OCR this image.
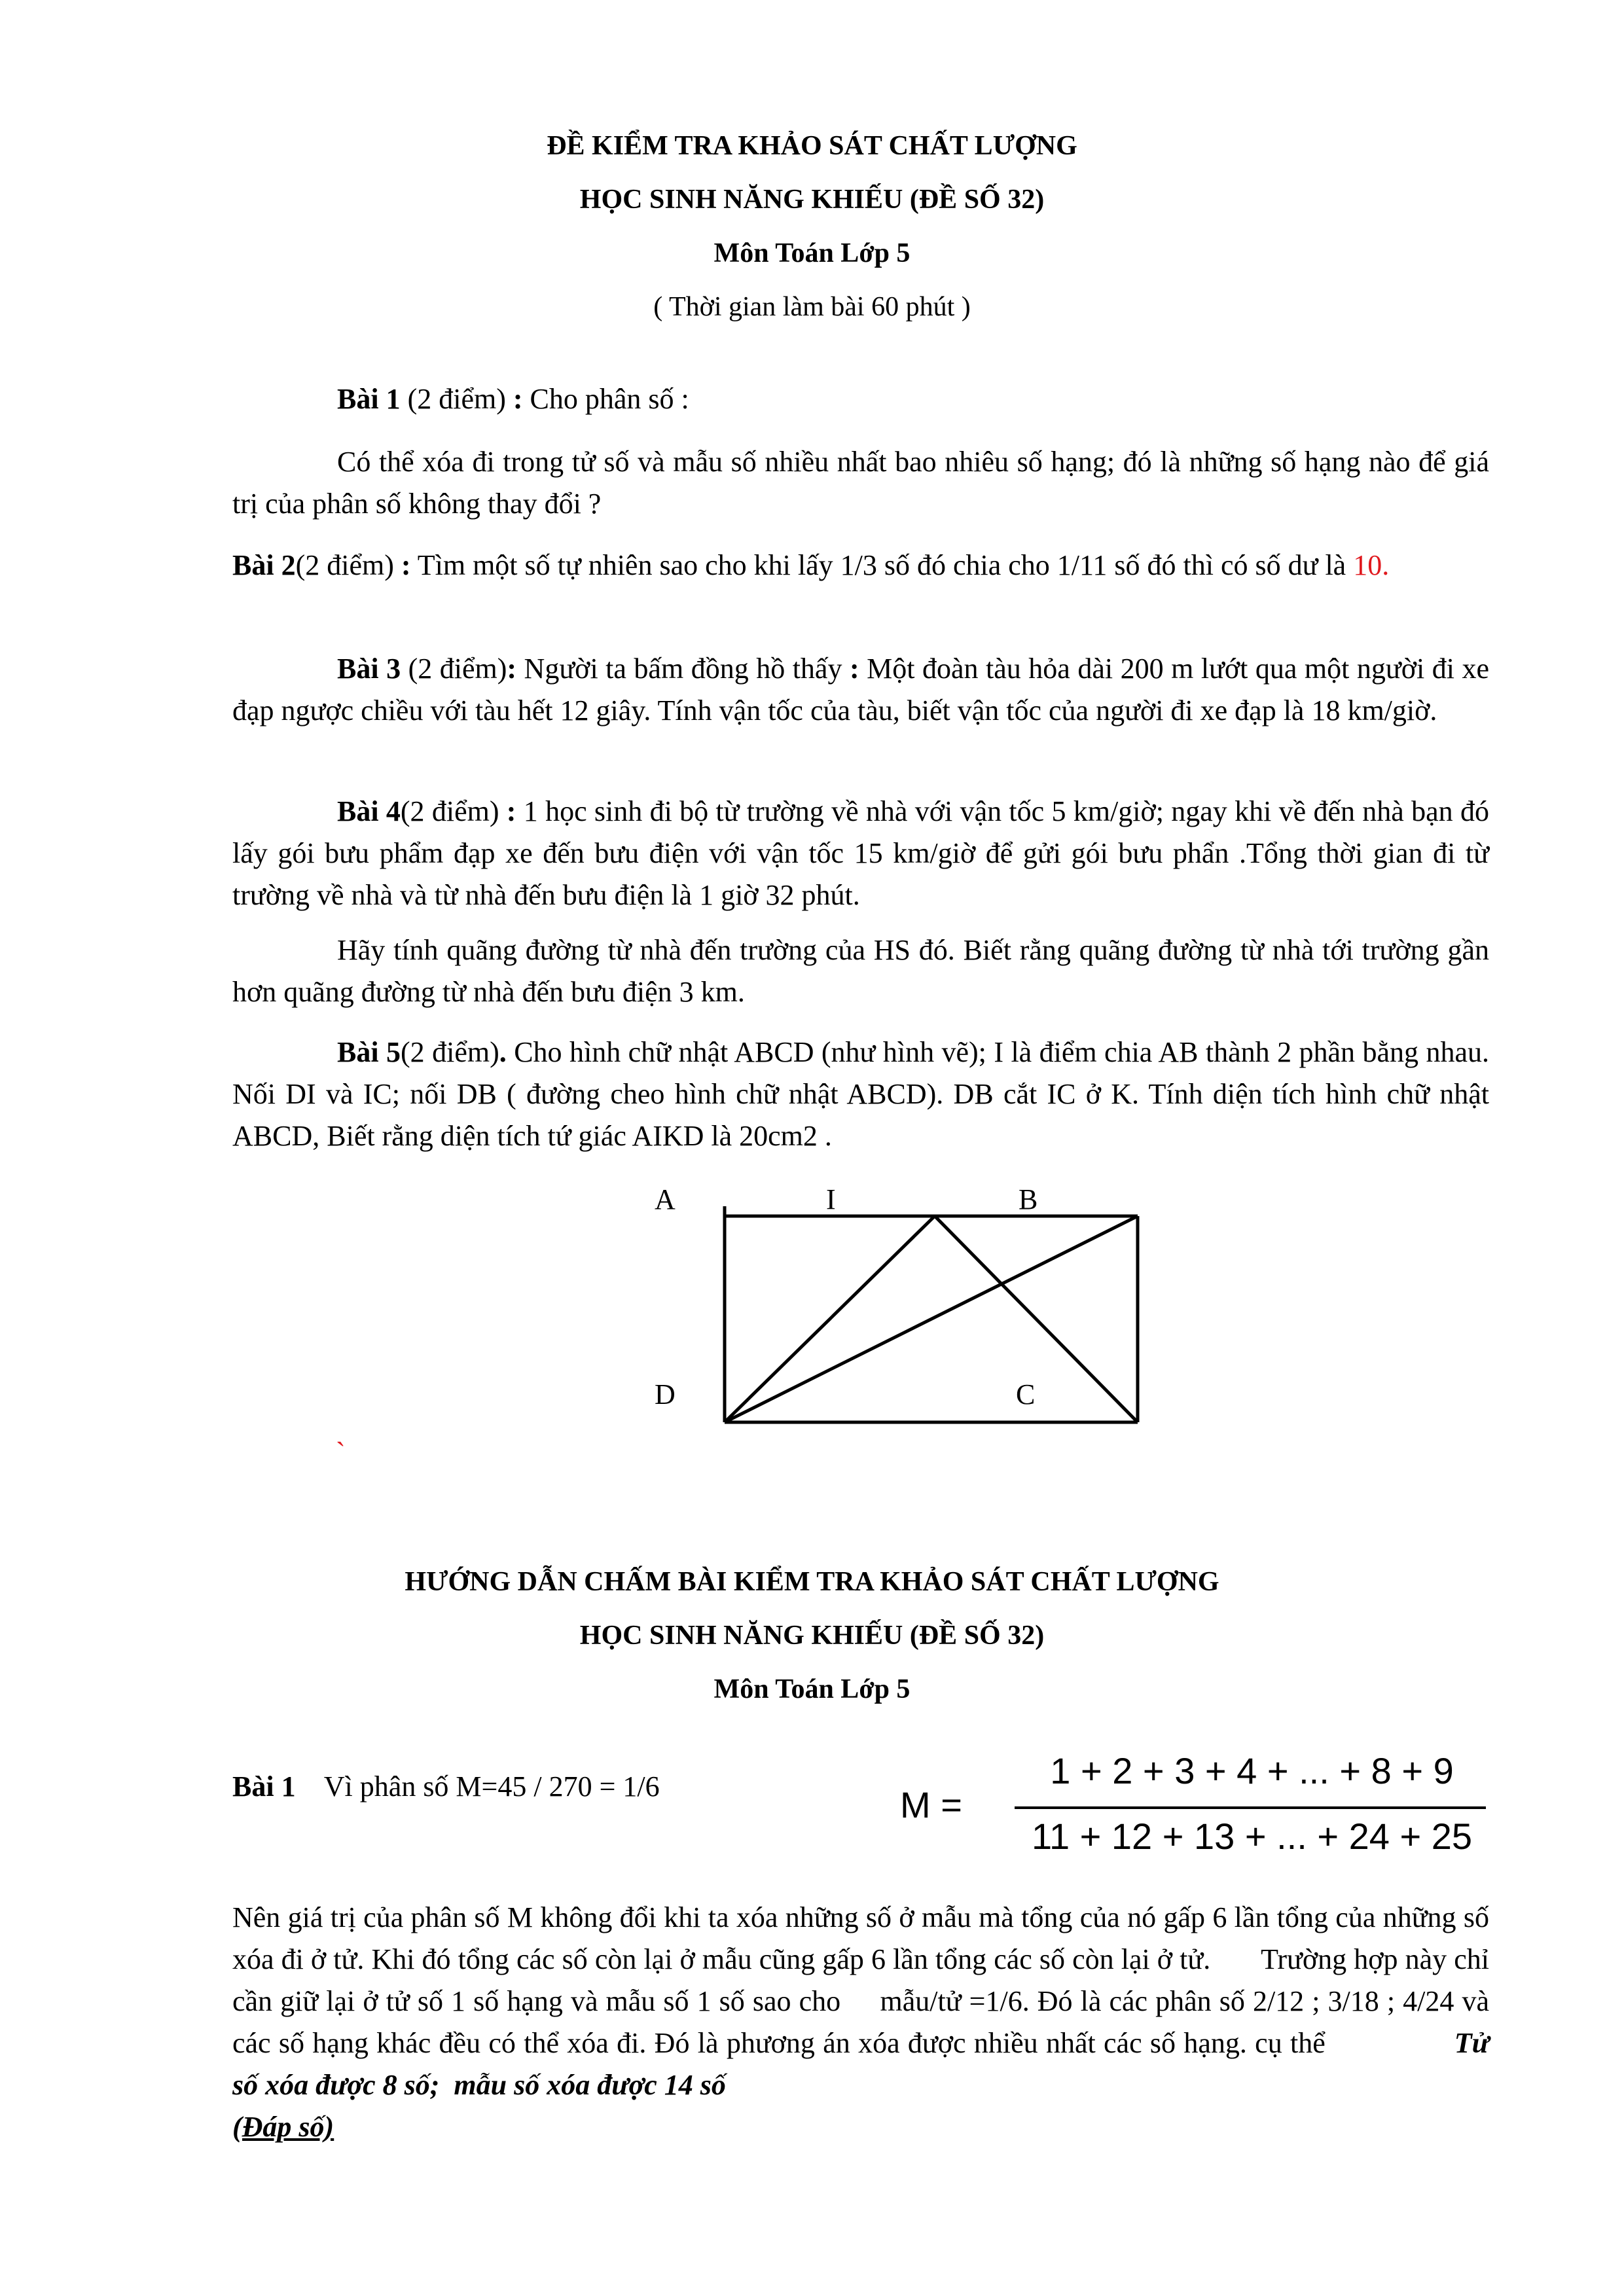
ĐỀ KIỂM TRA KHẢO SÁT CHẤT LƯỢNG
HỌC SINH NĂNG KHIẾU (ĐỀ SỐ 32)
Môn Toán Lớp 5
( Thời gian làm bài 60 phút )
Bài 1 (2 điểm) : Cho phân số :
Có thể xóa đi trong tử số và mẫu số nhiều nhất bao nhiêu số hạng; đó là những số hạng nào để giá trị của phân số không thay đổi ?
Bài 2(2 điểm) : Tìm một số tự nhiên sao cho khi lấy 1/3 số đó chia cho 1/11 số đó thì có số dư là 10.
Bài 3 (2 điểm): Người ta bấm đồng hồ thấy : Một đoàn tàu hỏa dài 200 m lướt qua một người đi xe đạp ngược chiều với tàu hết 12 giây. Tính vận tốc của tàu, biết vận tốc của người đi xe đạp là 18 km/giờ.
Bài 4(2 điểm) : 1 học sinh đi bộ từ trường về nhà với vận tốc 5 km/giờ; ngay khi về đến nhà bạn đó lấy gói bưu phẩm đạp xe đến bưu điện với vận tốc 15 km/giờ để gửi gói bưu phẩn .Tổng thời gian đi từ trường về nhà và từ nhà đến bưu điện là 1 giờ 32 phút.
Hãy tính quãng đường từ nhà đến trường của HS đó. Biết rằng quãng đường từ nhà tới trường gần hơn quãng đường từ nhà đến bưu điện 3 km.
Bài 5(2 điểm). Cho hình chữ nhật ABCD (như hình vẽ); I là điểm chia AB thành 2 phần bằng nhau. Nối DI và IC; nối DB ( đường cheo hình chữ nhật ABCD). DB cắt IC ở K. Tính diện tích hình chữ nhật ABCD, Biết rằng diện tích tứ giác AIKD là 20cm2 .
A	I	B
D	C
`
HƯỚNG DẪN CHẤM BÀI KIỂM TRA KHẢO SÁT CHẤT LƯỢNG
HỌC SINH NĂNG KHIẾU (ĐỀ SỐ 32)
Môn Toán Lớp 5
Bài 1    Vì phân số M=45 / 270 = 1/6	M =
1 + 2 + 3 + 4 + ... + 8 + 9
11 + 12 + 13 + ... + 24 + 25
Nên giá trị của phân số M không đổi khi ta xóa những số ở mẫu mà tổng của nó gấp 6 lần tổng của những số xóa đi ở tử. Khi đó tổng các số còn lại ở mẫu cũng gấp 6 lần tổng các số còn lại ở tử.       Trường hợp này chỉ cần giữ lại ở tử số 1 số hạng và mẫu số 1 số sao cho     mẫu/tử =1/6. Đó là các phân số 2/12 ; 3/18 ; 4/24 và các số hạng khác đều có thể xóa đi. Đó là phương án xóa được nhiều nhất các số hạng. cụ thể                Tử số xóa được 8 số;  mẫu số xóa được 14 số
(Đáp số)
